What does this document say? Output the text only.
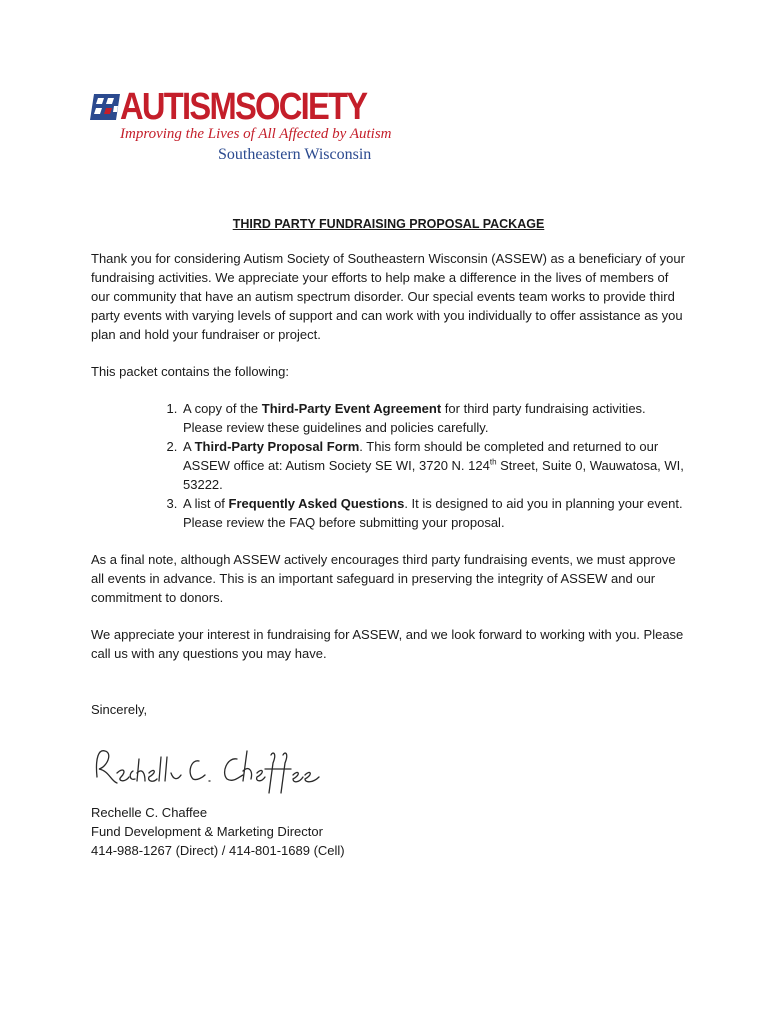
AUTISMSOCIETY
Improving the Lives of All Affected by Autism
Southeastern Wisconsin
THIRD PARTY FUNDRAISING PROPOSAL PACKAGE

Thank you for considering Autism Society of Southeastern Wisconsin (ASSEW) as a beneficiary of your fundraising activities. We appreciate your efforts to help make a difference in the lives of members of our community that have an autism spectrum disorder. Our special events team works to provide third party events with varying levels of support and can work with you individually to offer assistance as you plan and hold your fundraiser or project.

This packet contains the following:

1. A copy of the Third-Party Event Agreement for third party fundraising activities. Please review these guidelines and policies carefully.
2. A Third-Party Proposal Form. This form should be completed and returned to our ASSEW office at: Autism Society SE WI, 3720 N. 124th Street, Suite 0, Wauwatosa, WI, 53222.
3. A list of Frequently Asked Questions. It is designed to aid you in planning your event. Please review the FAQ before submitting your proposal.

As a final note, although ASSEW actively encourages third party fundraising events, we must approve all events in advance. This is an important safeguard in preserving the integrity of ASSEW and our commitment to donors.

We appreciate your interest in fundraising for ASSEW, and we look forward to working with you. Please call us with any questions you may have.

Sincerely,

Rechelle C. Chaffee

Fund Development & Marketing Director

414-988-1267 (Direct) / 414-801-1689 (Cell)
